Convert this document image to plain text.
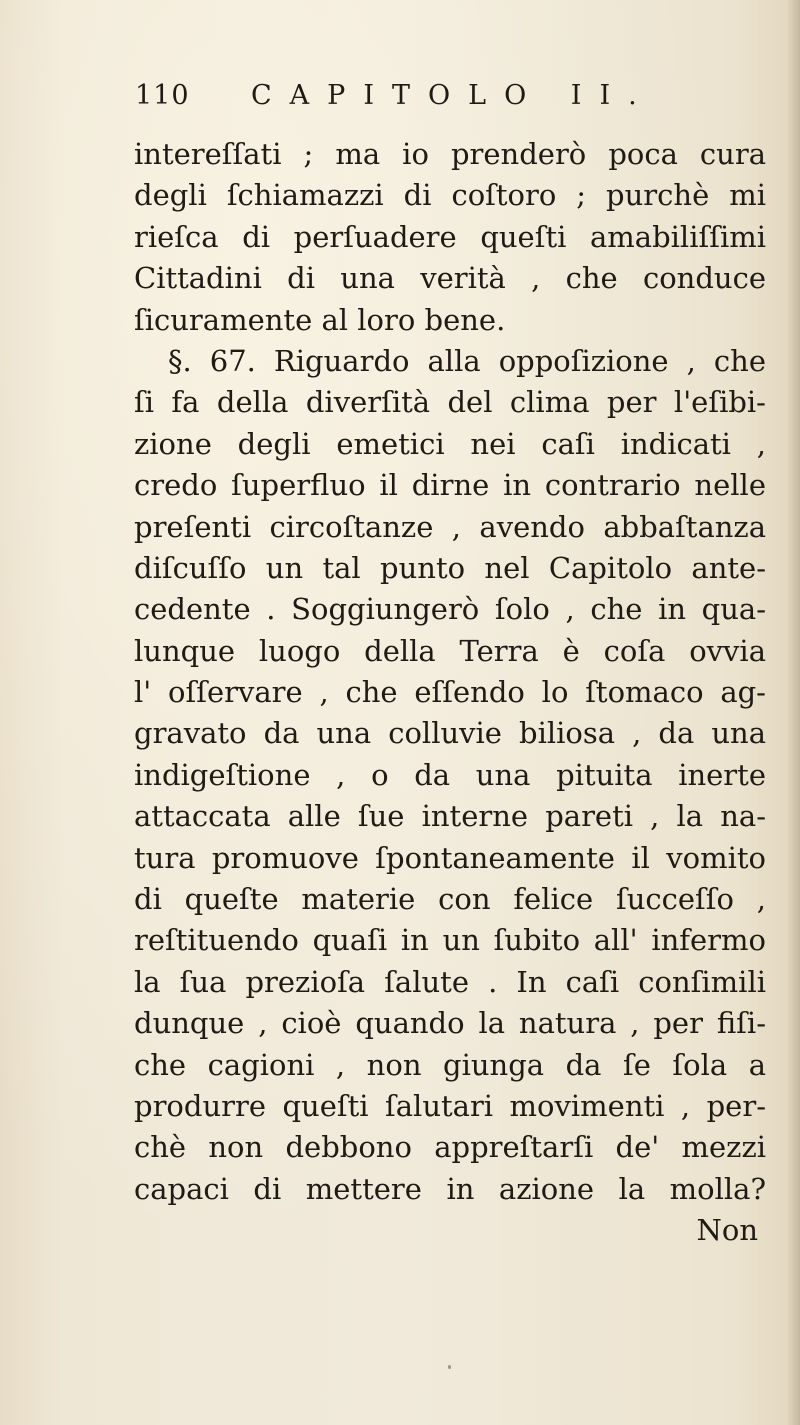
110 CAPITOLO II.
intereſſati ; ma io prenderò poca cura
degli ſchiamazzi di coſtoro ; purchè mi
rieſca di perſuadere queſti amabiliſſimi
Cittadini di una verità , che conduce
ſicuramente al loro bene.
§. 67. Riguardo alla oppoſizione , che
ſi fa della diverſità del clima per l'eſibi-
zione degli emetici nei caſi indicati ,
credo ſuperfluo il dirne in contrario nelle
preſenti circoſtanze , avendo abbaſtanza
diſcuſſo un tal punto nel Capitolo ante-
cedente . Soggiungerò ſolo , che in qua-
lunque luogo della Terra è coſa ovvia
l' oſſervare , che eſſendo lo ſtomaco ag-
gravato da una colluvie biliosa , da una
indigeſtione , o da una pituita inerte
attaccata alle ſue interne pareti , la na-
tura promuove ſpontaneamente il vomito
di queſte materie con felice ſucceſſo ,
reſtituendo quaſi in un ſubito all' infermo
la ſua prezioſa ſalute . In caſi conſimili
dunque , cioè quando la natura , per fiſi-
che cagioni , non giunga da ſe ſola a
produrre queſti ſalutari movimenti , per-
chè non debbono appreſtarſi de' mezzi
capaci di mettere in azione la molla?
Non
